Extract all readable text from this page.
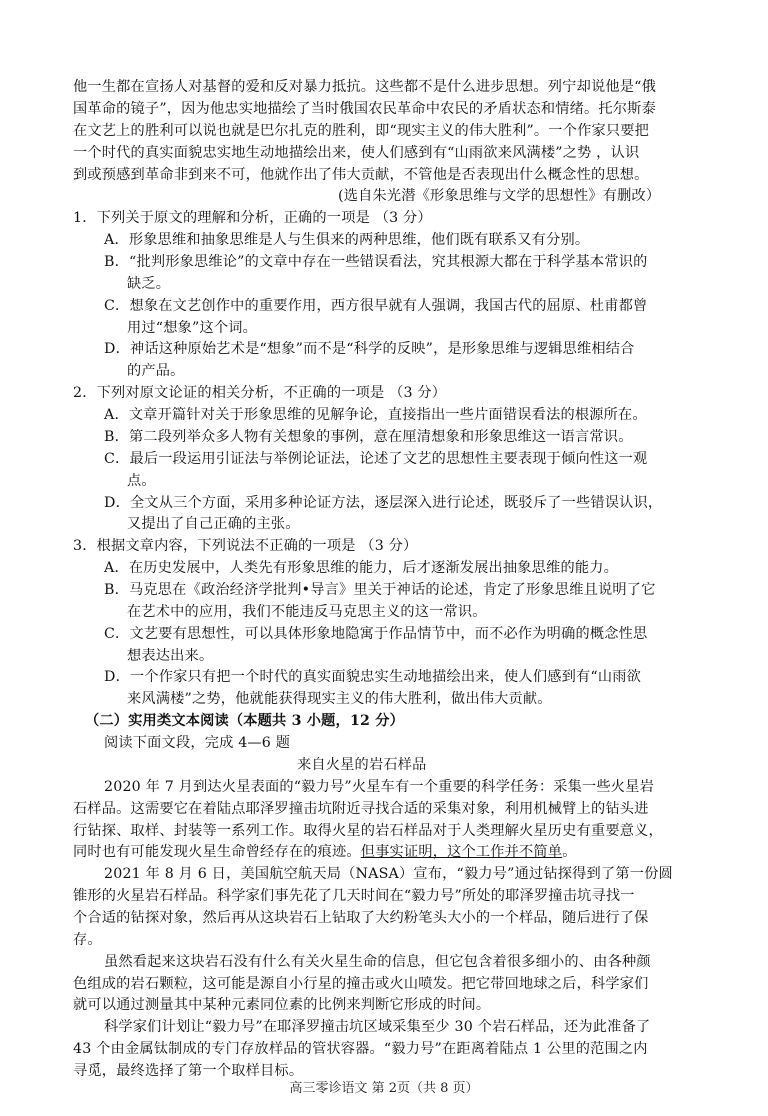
他一生都在宣扬人对基督的爱和反对暴力抵抗。这些都不是什么进步思想。列宁却说他是“俄
国革命的镜子”，因为他忠实地描绘了当时俄国农民革命中农民的矛盾状态和情绪。托尔斯泰
在文艺上的胜利可以说也就是巴尔扎克的胜利，即“现实主义的伟大胜利”。一个作家只要把
一个时代的真实面貌忠实地生动地描绘出来，使人们感到有“山雨欲来风满楼”之势 ，认识
到或预感到革命非到来不可，他就作出了伟大贡献，不管他是否表现出什么概念性的思想。
(选自朱光潜《形象思维与文学的思想性》有删改）
1．下列关于原文的理解和分析，正确的一项是 （3 分）
A．形象思维和抽象思维是人与生俱来的两种思维，他们既有联系又有分别。
B．“批判形象思维论”的文章中存在一些错误看法，究其根源大都在于科学基本常识的
缺乏。
C．想象在文艺创作中的重要作用，西方很早就有人强调，我国古代的屈原、杜甫都曾
用过“想象”这个词。
D．神话这种原始艺术是“想象”而不是“科学的反映”，是形象思维与逻辑思维相结合
的产品。
2．下列对原文论证的相关分析，不正确的一项是 （3 分）
A．文章开篇针对关于形象思维的见解争论，直接指出一些片面错误看法的根源所在。
B．第二段列举众多人物有关想象的事例，意在厘清想象和形象思维这一语言常识。
C．最后一段运用引证法与举例论证法，论述了文艺的思想性主要表现于倾向性这一观
点。
D．全文从三个方面，采用多种论证方法，逐层深入进行论述，既驳斥了一些错误认识，
又提出了自己正确的主张。
3．根据文章内容，下列说法不正确的一项是 （3 分）
A．在历史发展中，人类先有形象思维的能力，后才逐渐发展出抽象思维的能力。
B．马克思在《政治经济学批判•导言》里关于神话的论述，肯定了形象思维且说明了它
在艺术中的应用，我们不能违反马克思主义的这一常识。
C．文艺要有思想性，可以具体形象地隐寓于作品情节中，而不必作为明确的概念性思
想表达出来。
D．一个作家只有把一个时代的真实面貌忠实生动地描绘出来，使人们感到有“山雨欲
来风满楼”之势，他就能获得现实主义的伟大胜利，做出伟大贡献。
（二）实用类文本阅读（本题共 3 小题，12 分）
阅读下面文段，完成 4—6 题
来自火星的岩石样品
2020 年 7 月到达火星表面的“毅力号”火星车有一个重要的科学任务：采集一些火星岩
石样品。这需要它在着陆点耶泽罗撞击坑附近寻找合适的采集对象，利用机械臂上的钻头进
行钻探、取样、封装等一系列工作。取得火星的岩石样品对于人类理解火星历史有重要意义，
同时也有可能发现火星生命曾经存在的痕迹。但事实证明，这个工作并不简单。
2021 年 8 月 6 日，美国航空航天局（NASA）宣布，“毅力号”通过钻探得到了第一份圆
锥形的火星岩石样品。科学家们事先花了几天时间在“毅力号”所处的耶泽罗撞击坑寻找一
个合适的钻探对象，然后再从这块岩石上钻取了大约粉笔头大小的一个样品，随后进行了保
存。
虽然看起来这块岩石没有什么有关火星生命的信息，但它包含着很多细小的、由各种颜
色组成的岩石颗粒，这可能是源自小行星的撞击或火山喷发。把它带回地球之后，科学家们
就可以通过测量其中某种元素同位素的比例来判断它形成的时间。
科学家们计划让“毅力号”在耶泽罗撞击坑区域采集至少 30 个岩石样品，还为此准备了
43 个由金属钛制成的专门存放样品的管状容器。“毅力号”在距离着陆点 1 公里的范围之内
寻觅，最终选择了第一个取样目标。
高三零诊语文 第 2页（共 8 页）
